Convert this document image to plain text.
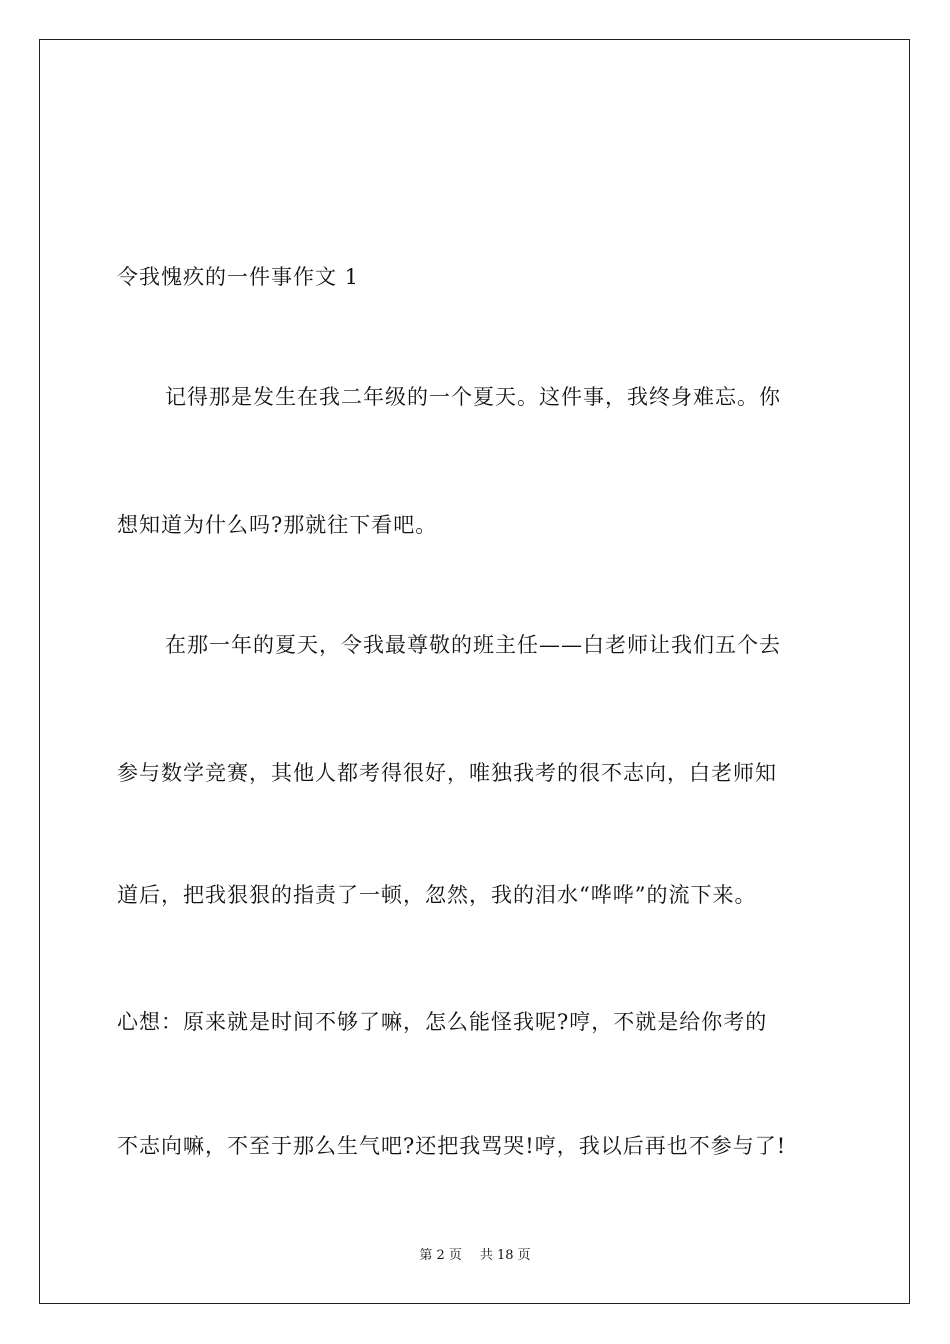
令我愧疚的一件事作文 1
记得那是发生在我二年级的一个夏天。这件事，我终身难忘。你
想知道为什么吗?那就往下看吧。
在那一年的夏天，令我最尊敬的班主任——白老师让我们五个去
参与数学竞赛，其他人都考得很好，唯独我考的很不志向，白老师知
道后，把我狠狠的指责了一顿，忽然，我的泪水“哗哗”的流下来。
心想：原来就是时间不够了嘛，怎么能怪我呢?哼，不就是给你考的
不志向嘛，不至于那么生气吧?还把我骂哭!哼，我以后再也不参与了!
第 2 页 共 18 页
